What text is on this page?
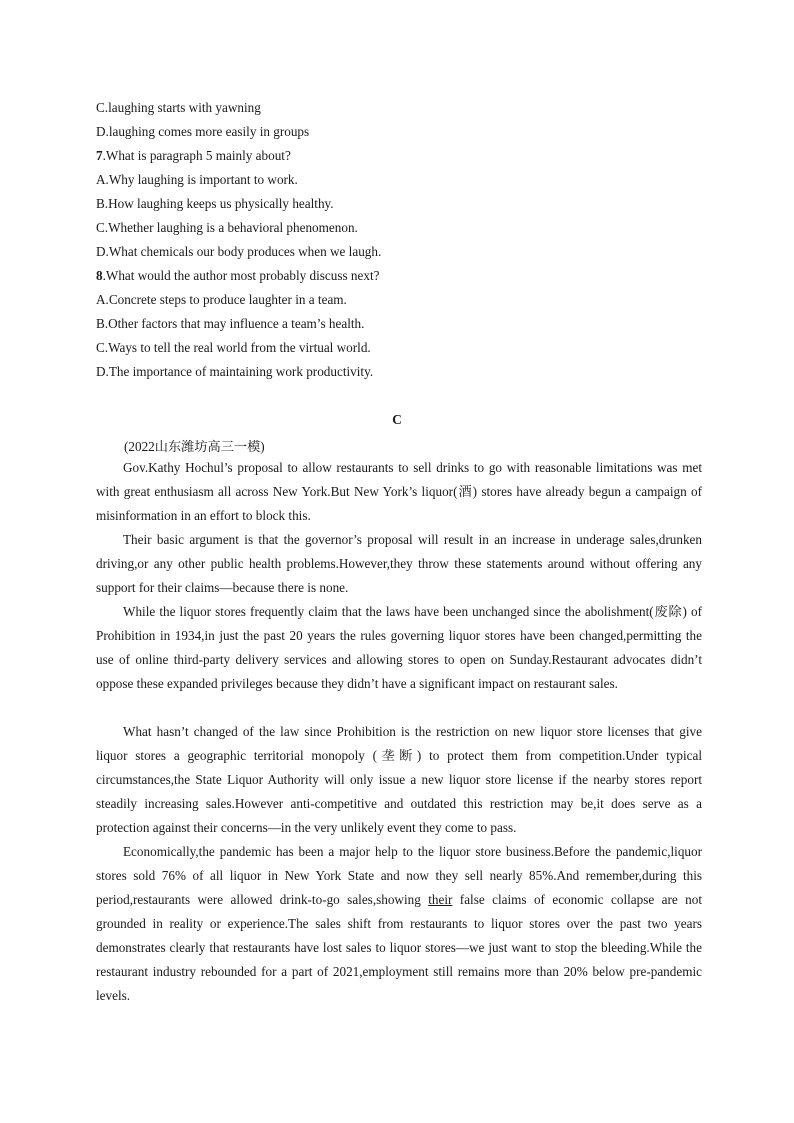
C.laughing starts with yawning
D.laughing comes more easily in groups
7.What is paragraph 5 mainly about?
A.Why laughing is important to work.
B.How laughing keeps us physically healthy.
C.Whether laughing is a behavioral phenomenon.
D.What chemicals our body produces when we laugh.
8.What would the author most probably discuss next?
A.Concrete steps to produce laughter in a team.
B.Other factors that may influence a team’s health.
C.Ways to tell the real world from the virtual world.
D.The importance of maintaining work productivity.
C
(2022山东潍坊高三一模)
Gov.Kathy Hochul’s proposal to allow restaurants to sell drinks to go with reasonable limitations was met with great enthusiasm all across New York.But New York’s liquor(酒) stores have already begun a campaign of misinformation in an effort to block this.
Their basic argument is that the governor’s proposal will result in an increase in underage sales,drunken driving,or any other public health problems.However,they throw these statements around without offering any support for their claims—because there is none.
While the liquor stores frequently claim that the laws have been unchanged since the abolishment(废除) of Prohibition in 1934,in just the past 20 years the rules governing liquor stores have been changed,permitting the use of online third-party delivery services and allowing stores to open on Sunday.Restaurant advocates didn’t oppose these expanded privileges because they didn’t have a significant impact on restaurant sales.
What hasn’t changed of the law since Prohibition is the restriction on new liquor store licenses that give liquor stores a geographic territorial monopoly (垄断) to protect them from competition.Under typical circumstances,the State Liquor Authority will only issue a new liquor store license if the nearby stores report steadily increasing sales.However anti-competitive and outdated this restriction may be,it does serve as a protection against their concerns—in the very unlikely event they come to pass.
Economically,the pandemic has been a major help to the liquor store business.Before the pandemic,liquor stores sold 76% of all liquor in New York State and now they sell nearly 85%.And remember,during this period,restaurants were allowed drink-to-go sales,showing their false claims of economic collapse are not grounded in reality or experience.The sales shift from restaurants to liquor stores over the past two years demonstrates clearly that restaurants have lost sales to liquor stores—we just want to stop the bleeding.While the restaurant industry rebounded for a part of 2021,employment still remains more than 20% below pre-pandemic levels.
